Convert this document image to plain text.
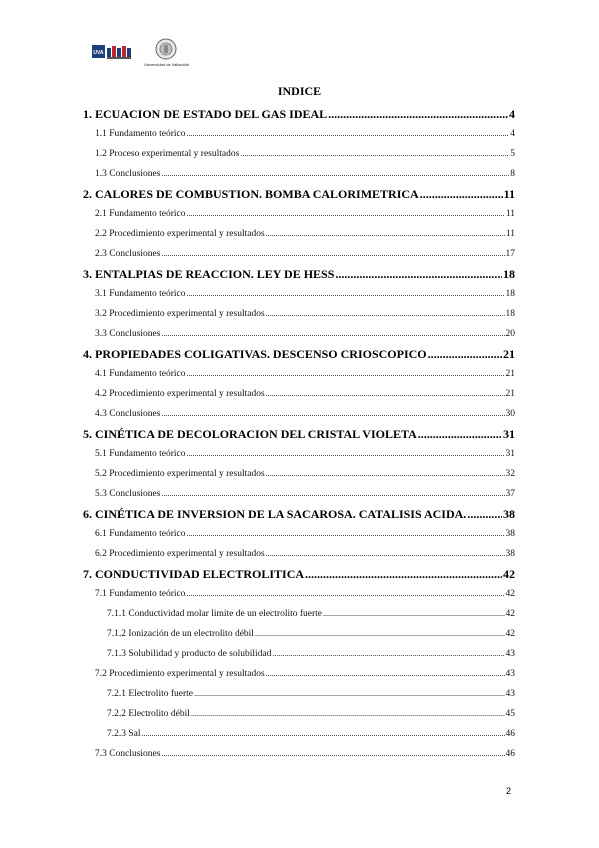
UVA
Universidad de Valladolid
INDICE
1. ECUACION DE ESTADO DEL GAS IDEAL .....	4
1.1 Fundamento teórico .....	4
1.2 Proceso experimental y resultados .....	5
1.3 Conclusiones .....	8
2. CALORES DE COMBUSTION. BOMBA CALORIMETRICA .....	11
2.1 Fundamento teórico .....	11
2.2 Procedimiento experimental y resultados .....	11
2.3 Conclusiones .....	17
3. ENTALPIAS DE REACCION. LEY DE HESS .....	18
3.1 Fundamento teórico .....	18
3.2 Procedimiento experimental y resultados .....	18
3.3 Conclusiones .....	20
4. PROPIEDADES COLIGATIVAS. DESCENSO CRIOSCOPICO .....	21
4.1 Fundamento teórico .....	21
4.2 Procedimiento experimental y resultados .....	21
4.3 Conclusiones .....	30
5. CINÉTICA DE DECOLORACION DEL CRISTAL VIOLETA .....	31
5.1 Fundamento teórico .....	31
5.2 Procedimiento experimental y resultados .....	32
5.3 Conclusiones .....	37
6. CINÉTICA DE INVERSION DE LA SACAROSA. CATALISIS ACIDA. .....	38
6.1 Fundamento teórico .....	38
6.2 Procedimiento experimental y resultados .....	38
7. CONDUCTIVIDAD ELECTROLITICA .....	42
7.1 Fundamento teórico .....	42
7.1.1 Conductividad molar limite de un electrolito fuerte .....	42
7.1.2 Ionización de un electrolito débil .....	42
7.1.3 Solubilidad y producto de solubilidad .....	43
7.2 Procedimiento experimental y resultados .....	43
7.2.1 Electrolito fuerte .....	43
7.2.2 Electrolito débil .....	45
7.2.3 Sal .....	46
7.3 Conclusiones .....	46
2
